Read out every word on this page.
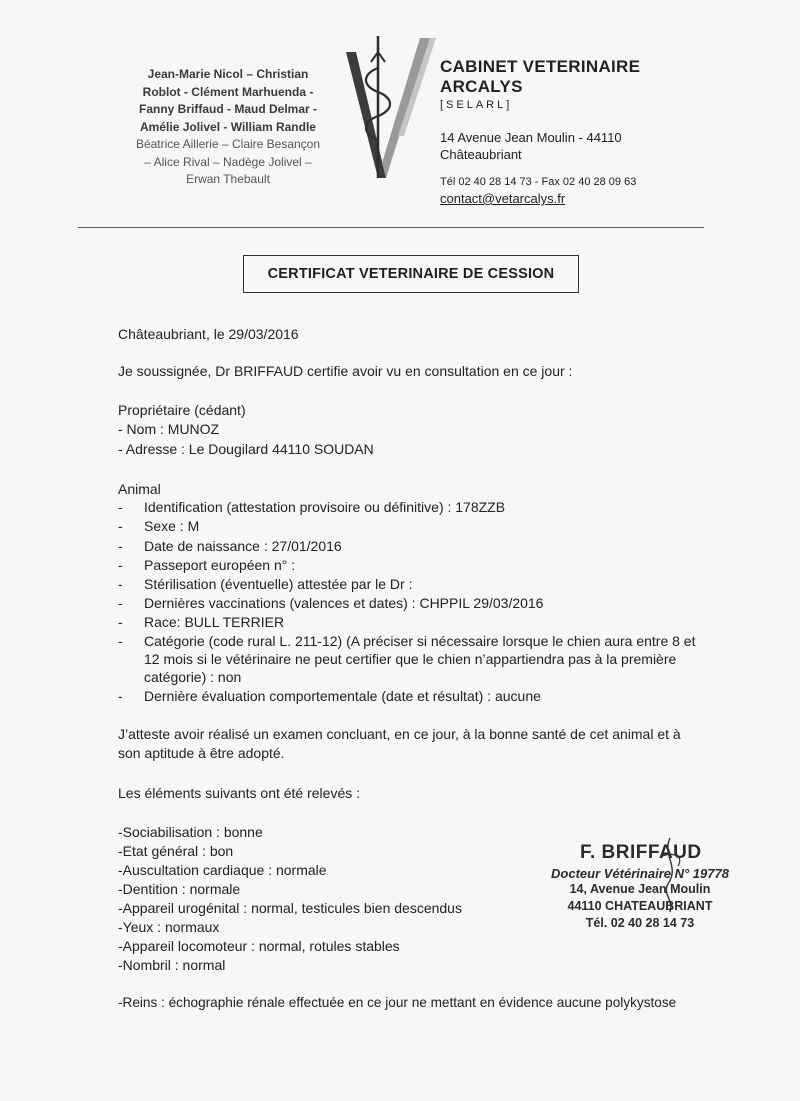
Jean-Marie Nicol – Christian
Roblot - Clément Marhuenda -
Fanny Briffaud - Maud Delmar -
Amélie Jolivel - William Randle
Béatrice Aillerie – Claire Besançon
– Alice Rival – Nadège Jolivel –
Erwan Thebault
CABINET VETERINAIRE
ARCALYS
[SELARL]
14 Avenue Jean Moulin - 44110
Châteaubriant
Tél 02 40 28 14 73 - Fax 02 40 28 09 63
contact@vetarcalys.fr
CERTIFICAT VETERINAIRE DE CESSION
Châteaubriant, le 29/03/2016
Je soussignée, Dr BRIFFAUD certifie avoir vu en consultation en ce jour :
Propriétaire (cédant)
- Nom : MUNOZ
- Adresse : Le Dougilard 44110 SOUDAN
Animal
- Identification (attestation provisoire ou définitive) : 178ZZB
- Sexe : M
- Date de naissance : 27/01/2016
- Passeport européen n° :
- Stérilisation (éventuelle) attestée par le Dr :
- Dernières vaccinations (valences et dates) : CHPPIL 29/03/2016
- Race: BULL TERRIER
- Catégorie (code rural L. 211-12) (A préciser si nécessaire lorsque le chien aura entre 8 et
12 mois si le vétérinaire ne peut certifier que le chien n’appartiendra pas à la première
catégorie) : non
- Dernière évaluation comportementale (date et résultat) : aucune
J’atteste avoir réalisé un examen concluant, en ce jour, à la bonne santé de cet animal et à
son aptitude à être adopté.
Les éléments suivants ont été relevés :
-Sociabilisation : bonne
-Etat général : bon
-Auscultation cardiaque : normale
-Dentition : normale
-Appareil urogénital : normal, testicules bien descendus
-Yeux : normaux
-Appareil locomoteur : normal, rotules stables
-Nombril : normal
-Reins : échographie rénale effectuée en ce jour ne mettant en évidence aucune polykystose
F. BRIFFAUD
Docteur Vétérinaire N° 19778
14, Avenue Jean Moulin
44110 CHATEAUBRIANT
Tél. 02 40 28 14 73
